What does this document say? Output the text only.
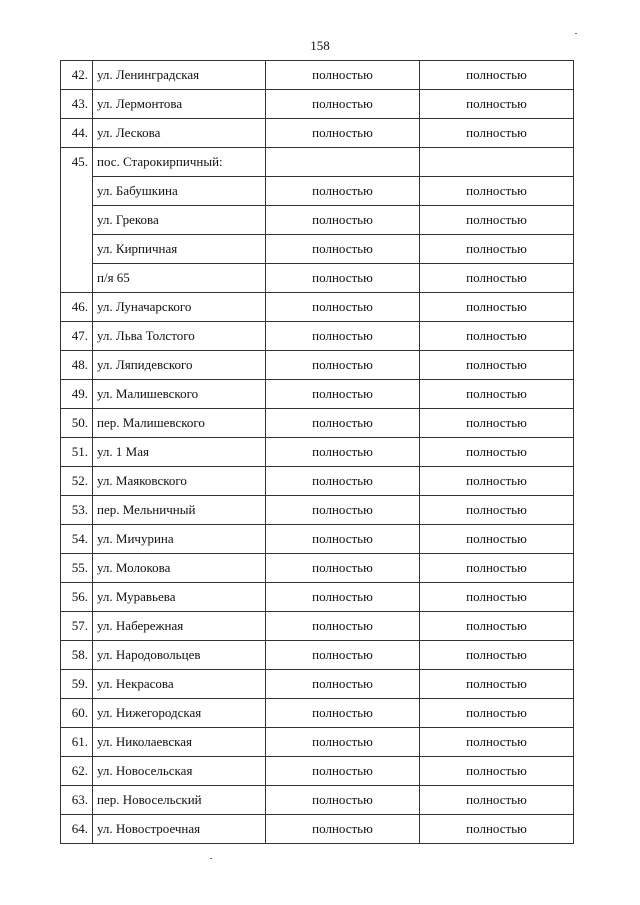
158
42.	ул. Ленинградская	полностью	полностью
43.	ул. Лермонтова	полностью	полностью
44.	ул. Лескова	полностью	полностью
45.	пос. Старокирпичный:		
	ул. Бабушкина	полностью	полностью
	ул. Грекова	полностью	полностью
	ул. Кирпичная	полностью	полностью
	п/я 65	полностью	полностью
46.	ул. Луначарского	полностью	полностью
47.	ул. Льва Толстого	полностью	полностью
48.	ул. Ляпидевского	полностью	полностью
49.	ул. Малишевского	полностью	полностью
50.	пер. Малишевского	полностью	полностью
51.	ул. 1 Мая	полностью	полностью
52.	ул. Маяковского	полностью	полностью
53.	пер. Мельничный	полностью	полностью
54.	ул. Мичурина	полностью	полностью
55.	ул. Молокова	полностью	полностью
56.	ул. Муравьева	полностью	полностью
57.	ул. Набережная	полностью	полностью
58.	ул. Народовольцев	полностью	полностью
59.	ул. Некрасова	полностью	полностью
60.	ул. Нижегородская	полностью	полностью
61.	ул. Николаевская	полностью	полностью
62.	ул. Новосельская	полностью	полностью
63.	пер. Новосельский	полностью	полностью
64.	ул. Новостроечная	полностью	полностью
